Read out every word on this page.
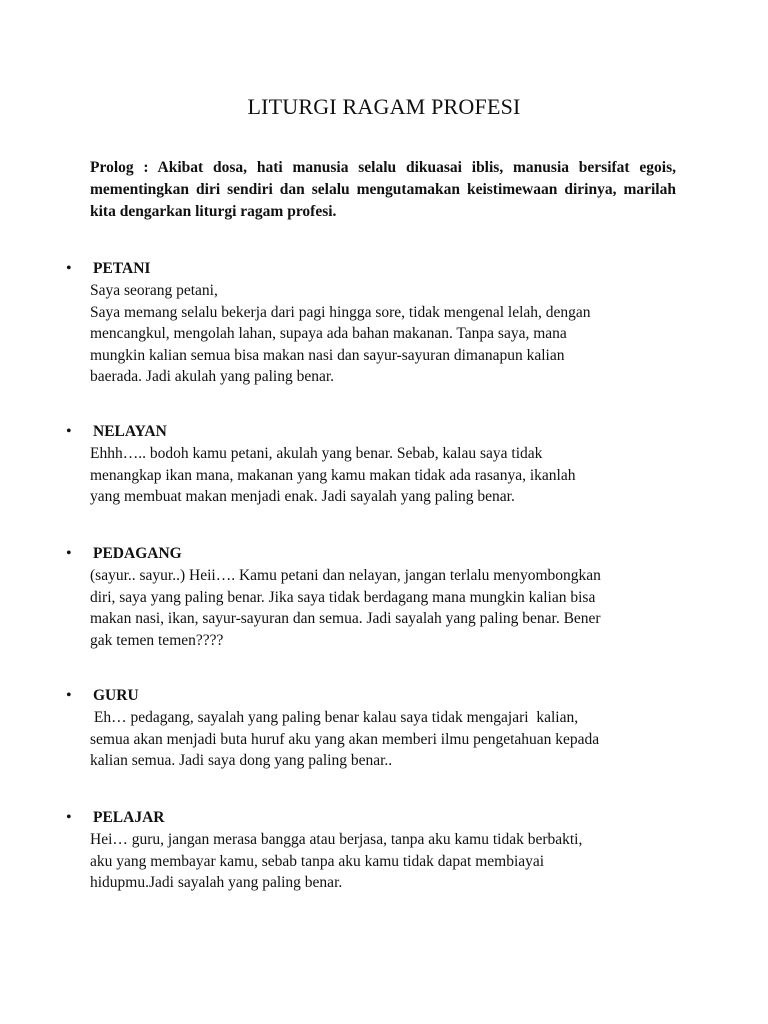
LITURGI RAGAM PROFESI
Prolog : Akibat dosa, hati manusia selalu dikuasai iblis, manusia bersifat egois, mementingkan diri sendiri dan selalu mengutamakan keistimewaan dirinya, marilah kita dengarkan liturgi ragam profesi.
•	PETANI

Saya seorang petani,

Saya memang selalu bekerja dari pagi hingga sore, tidak mengenal lelah, dengan

mencangkul, mengolah lahan, supaya ada bahan makanan. Tanpa saya, mana

mungkin kalian semua bisa makan nasi dan sayur-sayuran dimanapun kalian

baerada. Jadi akulah yang paling benar.

•	NELAYAN

Ehhh….. bodoh kamu petani, akulah yang benar. Sebab, kalau saya tidak

menangkap ikan mana, makanan yang kamu makan tidak ada rasanya, ikanlah

yang membuat makan menjadi enak. Jadi sayalah yang paling benar.

•	PEDAGANG

(sayur.. sayur..) Heii…. Kamu petani dan nelayan, jangan terlalu menyombongkan

diri, saya yang paling benar. Jika saya tidak berdagang mana mungkin kalian bisa

makan nasi, ikan, sayur-sayuran dan semua. Jadi sayalah yang paling benar. Bener

gak temen temen????

•	GURU

Eh… pedagang, sayalah yang paling benar kalau saya tidak mengajari  kalian,

semua akan menjadi buta huruf aku yang akan memberi ilmu pengetahuan kepada

kalian semua. Jadi saya dong yang paling benar..

•	PELAJAR

Hei… guru, jangan merasa bangga atau berjasa, tanpa aku kamu tidak berbakti,

aku yang membayar kamu, sebab tanpa aku kamu tidak dapat membiayai

hidupmu.Jadi sayalah yang paling benar.
